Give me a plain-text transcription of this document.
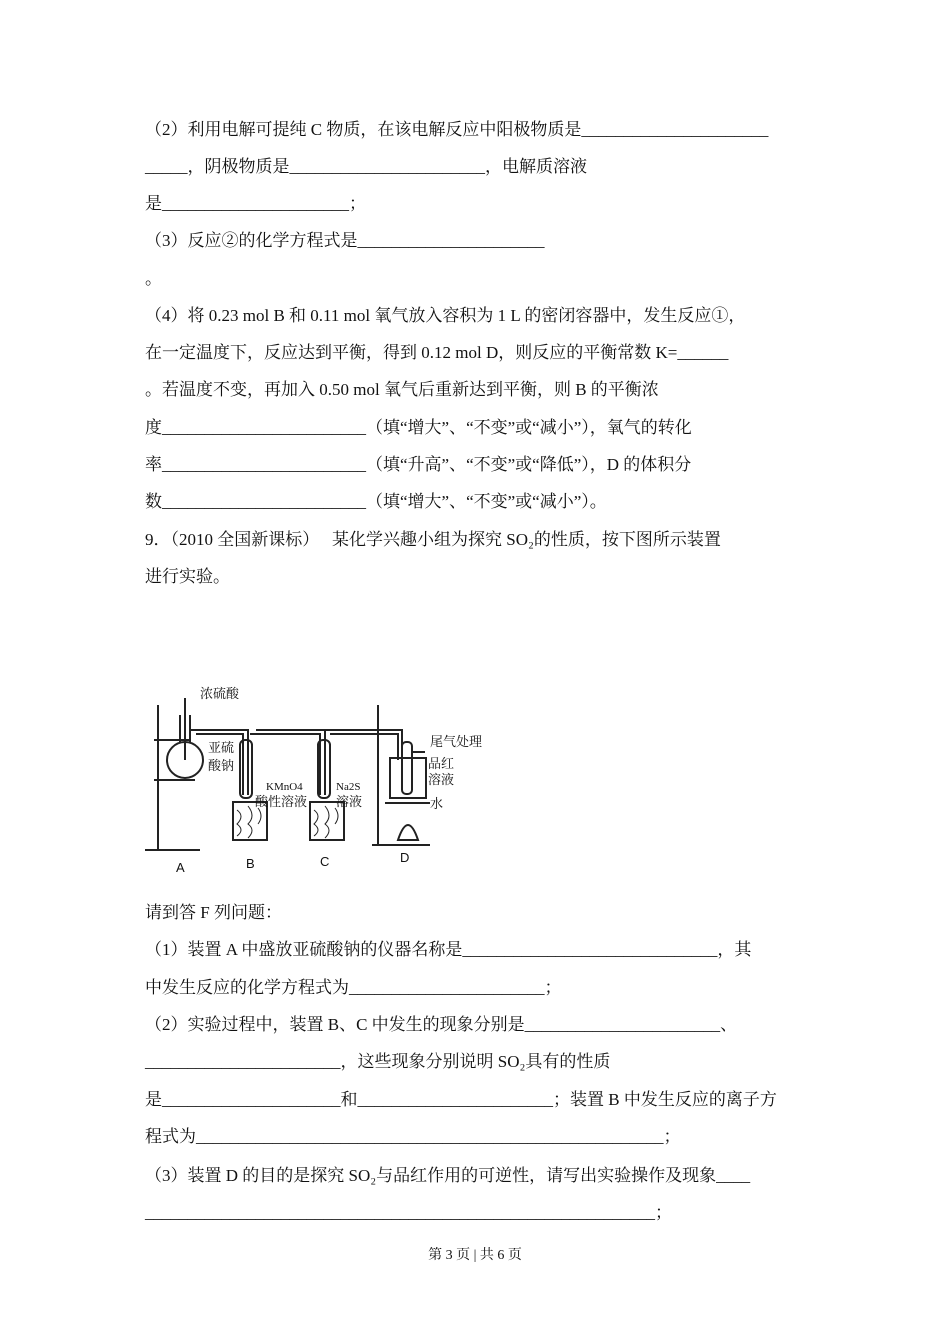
（2）利用电解可提纯 C 物质，在该电解反应中阳极物质是______________________
_____，阴极物质是_______________________，电解质溶液
是______________________；
（3）反应②的化学方程式是______________________
。
（4）将 0.23 mol B 和 0.11 mol 氧气放入容积为 1 L 的密闭容器中，发生反应①，
在一定温度下，反应达到平衡，得到 0.12 mol D，则反应的平衡常数 K=______
。若温度不变，再加入 0.50 mol 氧气后重新达到平衡，则 B 的平衡浓
度________________________（填“增大”、“不变”或“减小”），氧气的转化
率________________________（填“升高”、“不变”或“降低”），D 的体积分
数________________________（填“增大”、“不变”或“减小”）。
9．（2010 全国新课标）   某化学兴趣小组为探究 SO₂的性质，按下图所示装置
进行实验。
浓硫酸
亚硫
酸钠
KMnO4
酸性溶液
Na2S
溶液
尾气处理
品红
溶液
水
A	B	C	D
请到答 F 列问题：
（1）装置 A 中盛放亚硫酸钠的仪器名称是______________________________，其
中发生反应的化学方程式为_______________________；
（2）实验过程中，装置 B、C 中发生的现象分别是_______________________、
_______________________，这些现象分别说明 SO₂具有的性质
是_____________________和_______________________；装置 B 中发生反应的离子方
程式为_______________________________________________________；
（3）装置 D 的目的是探究 SO₂与品红作用的可逆性，请写出实验操作及现象____
____________________________________________________________；
第 3 页 | 共 6 页
